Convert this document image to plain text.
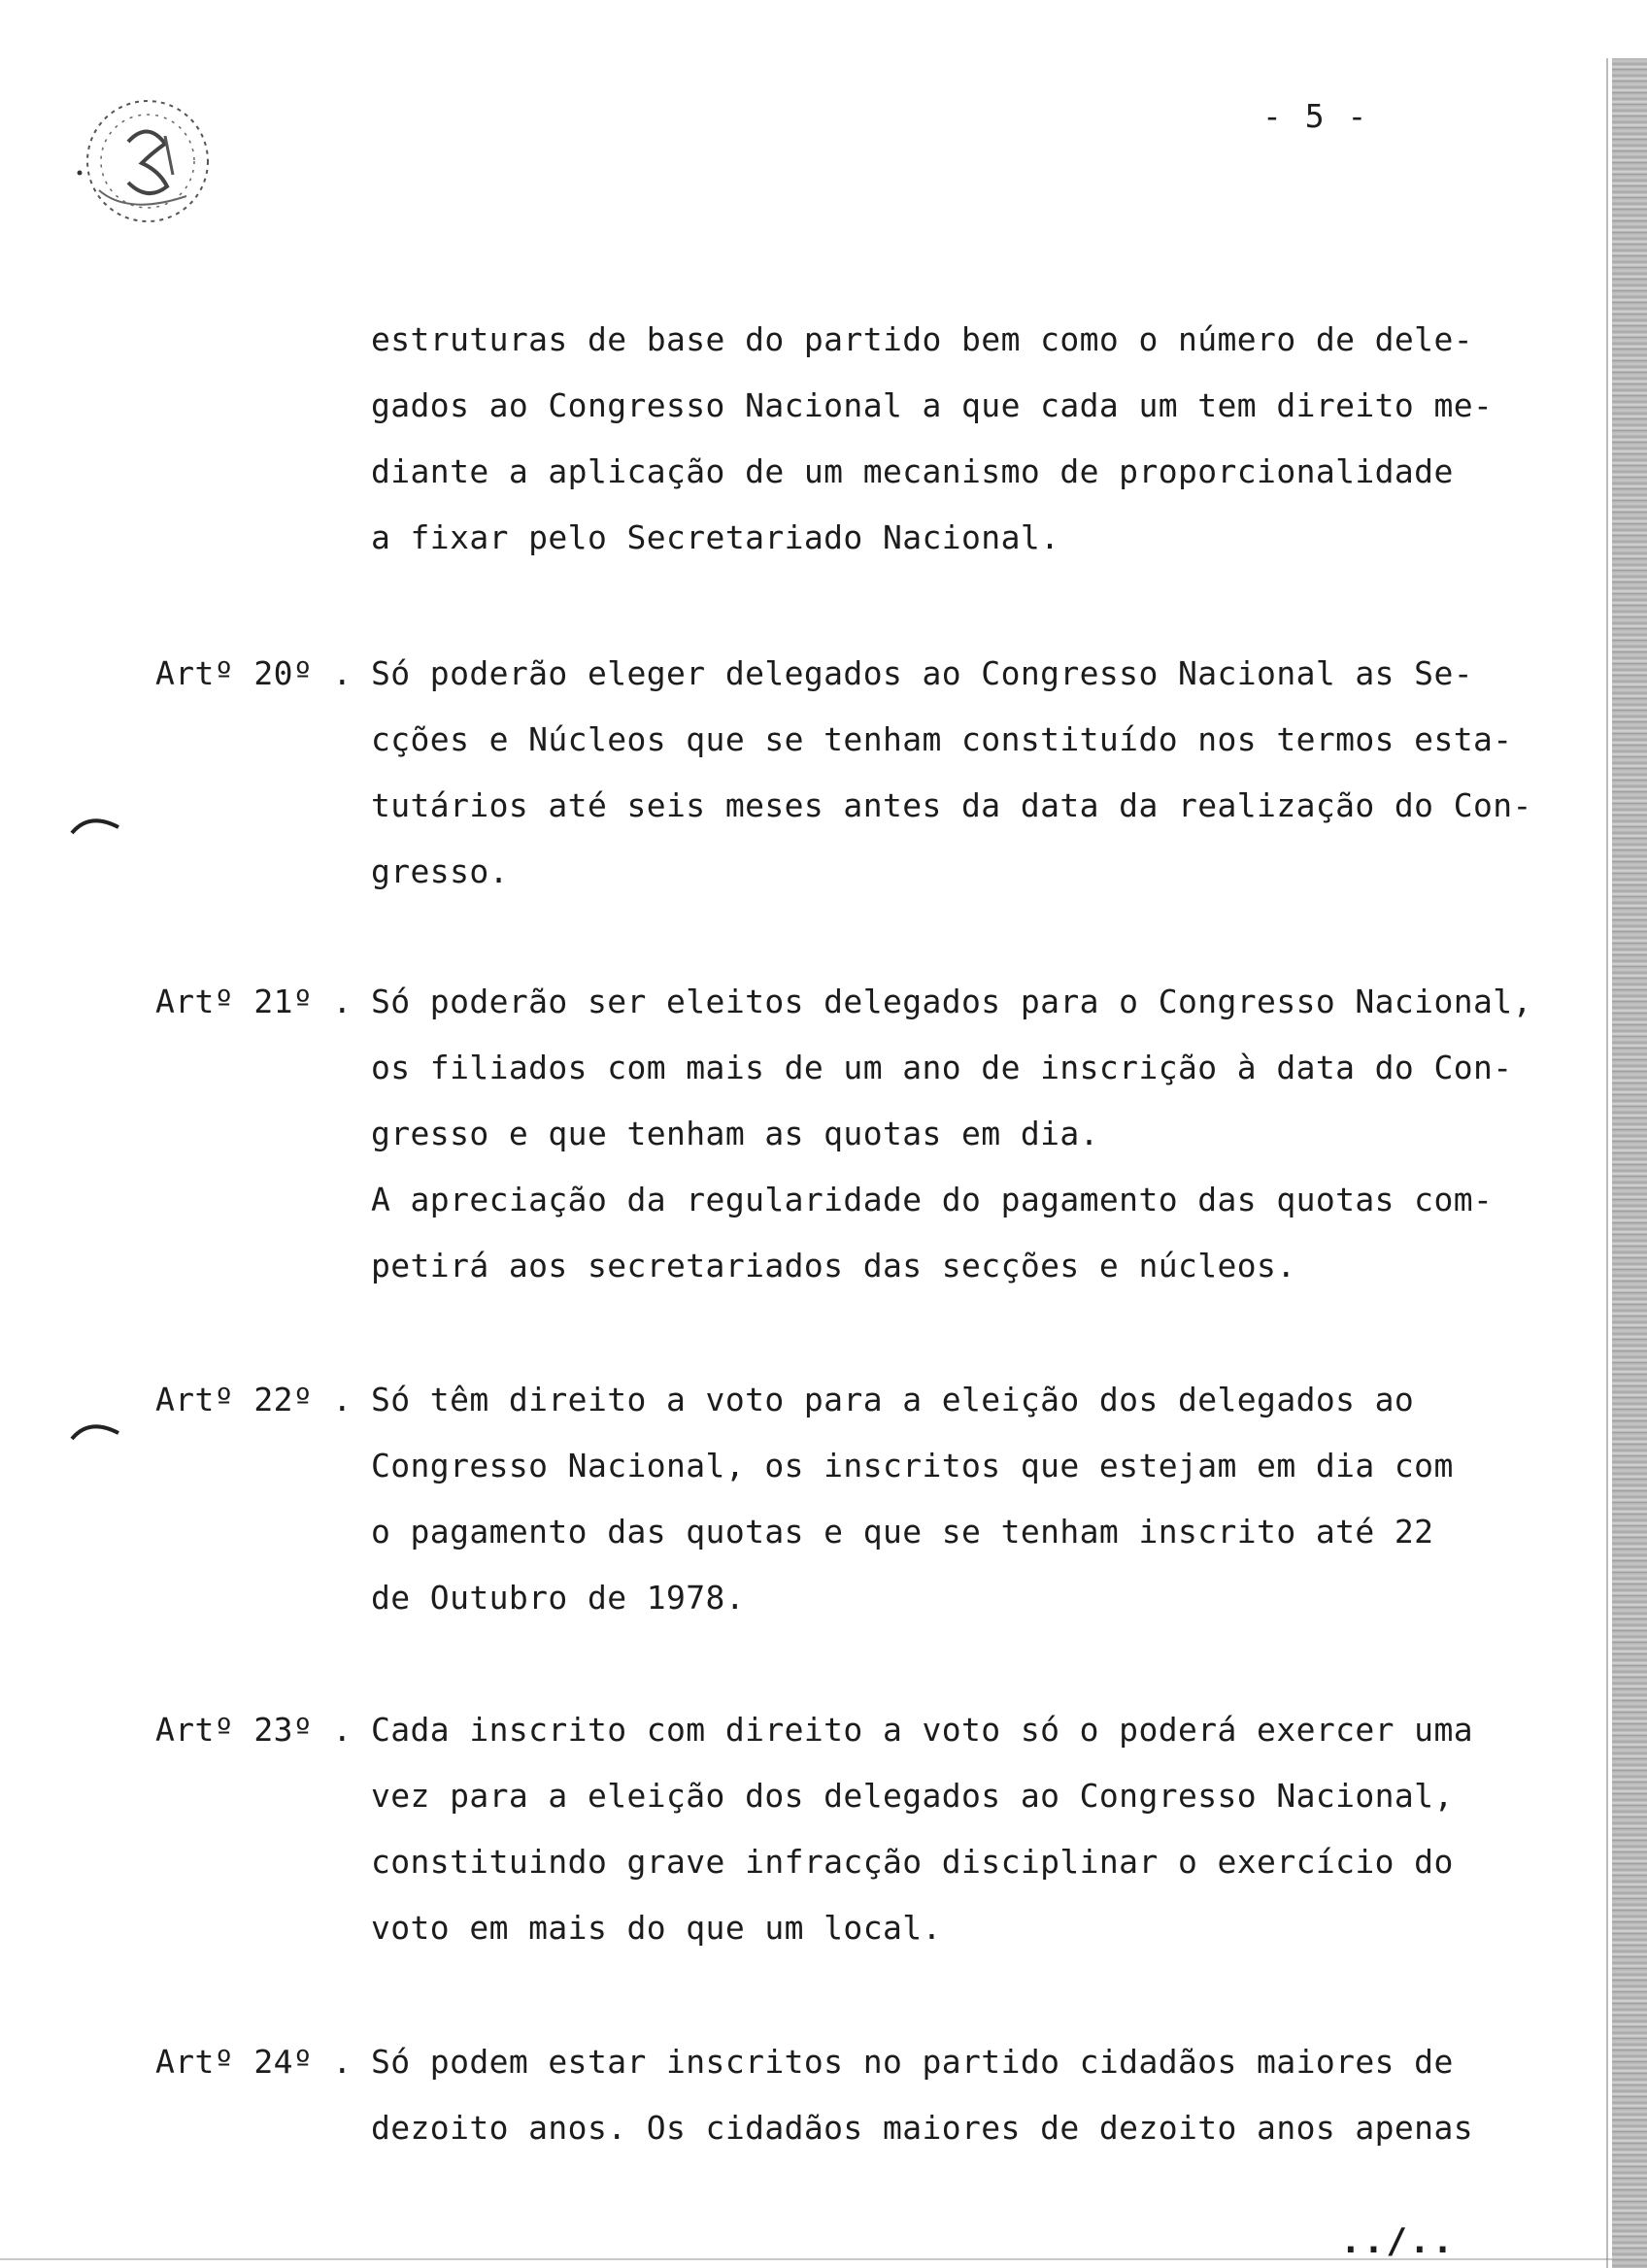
- 5 -
estruturas de base do partido bem como o número de dele-
gados ao Congresso Nacional a que cada um tem direito me-
diante a aplicação de um mecanismo de proporcionalidade
a fixar pelo Secretariado Nacional.
Artº 20º . Só poderão eleger delegados ao Congresso Nacional as Se-
cções e Núcleos que se tenham constituído nos termos esta-
tutários até seis meses antes da data da realização do Con-
gresso.
Artº 21º . Só poderão ser eleitos delegados para o Congresso Nacional,
os filiados com mais de um ano de inscrição à data do Con-
gresso e que tenham as quotas em dia.
A apreciação da regularidade do pagamento das quotas com-
petirá aos secretariados das secções e núcleos.
Artº 22º . Só têm direito a voto para a eleição dos delegados ao
Congresso Nacional, os inscritos que estejam em dia com
o pagamento das quotas e que se tenham inscrito até 22
de Outubro de 1978.
Artº 23º . Cada inscrito com direito a voto só o poderá exercer uma
vez para a eleição dos delegados ao Congresso Nacional,
constituindo grave infracção disciplinar o exercício do
voto em mais do que um local.
Artº 24º . Só podem estar inscritos no partido cidadãos maiores de
dezoito anos. Os cidadãos maiores de dezoito anos apenas
../..
